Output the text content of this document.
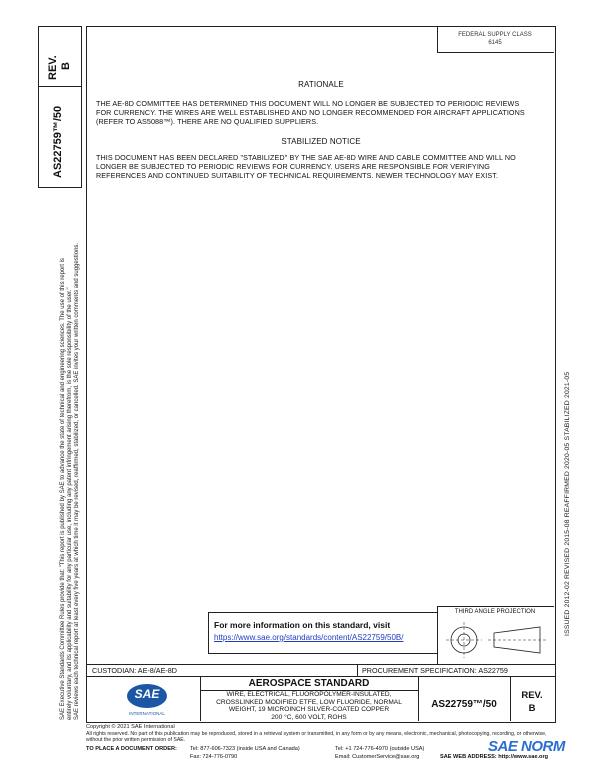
SAE Executive Standards Committee Rules provide that: "This report is published by SAE to advance the state of technical and engineering sciences. The use of this report is entirely voluntary, and its applicability and suitability for any particular use, including any patent infringement arising therefrom, is the sole responsibility of the user." SAE reviews each technical report at least every five years at which time it may be revised, reaffirmed, stabilized, or cancelled. SAE invites your written comments and suggestions.
REV. B
AS22759™/50
FEDERAL SUPPLY CLASS
6145
ISSUED 2012-02 REVISED 2015-08 REAFFIRMED 2020-05 STABILIZED 2021-05
RATIONALE
THE AE-8D COMMITTEE HAS DETERMINED THIS DOCUMENT WILL NO LONGER BE SUBJECTED TO PERIODIC REVIEWS FOR CURRENCY. THE WIRES ARE WELL ESTABLISHED AND NO LONGER RECOMMENDED FOR AIRCRAFT APPLICATIONS (REFER TO AS5088™). THERE ARE NO QUALIFIED SUPPLIERS.
STABILIZED NOTICE
THIS DOCUMENT HAS BEEN DECLARED "STABILIZED" BY THE SAE AE-8D WIRE AND CABLE COMMITTEE AND WILL NO LONGER BE SUBJECTED TO PERIODIC REVIEWS FOR CURRENCY. USERS ARE RESPONSIBLE FOR VERIFYING REFERENCES AND CONTINUED SUITABILITY OF TECHNICAL REQUIREMENTS. NEWER TECHNOLOGY MAY EXIST.
For more information on this standard, visit
https://www.sae.org/standards/content/AS22759/50B/
THIRD ANGLE PROJECTION
CUSTODIAN: AE-8/AE-8D	PROCUREMENT SPECIFICATION: AS22759
SAE
INTERNATIONAL
AEROSPACE STANDARD
WIRE, ELECTRICAL, FLUOROPOLYMER-INSULATED,
CROSSLINKED MODIFIED ETFE, LOW FLUORIDE, NORMAL
WEIGHT, 19 MICROINCH SILVER-COATED COPPER
200 °C, 600 VOLT, ROHS
AS22759™/50
REV.
B
Copyright © 2021 SAE International
All rights reserved. No part of this publication may be reproduced, stored in a retrieval system or transmitted, in any form or by any means, electronic, mechanical, photocopying, recording, or otherwise, without the prior written permission of SAE.
TO PLACE A DOCUMENT ORDER: Tel: 877-606-7323 (inside USA and Canada)
Fax: 724-776-0790
Tel: +1 724-776-4970 (outside USA)
Email: CustomerService@sae.org	SAE WEB ADDRESS: http://www.sae.org
SAE NORM
